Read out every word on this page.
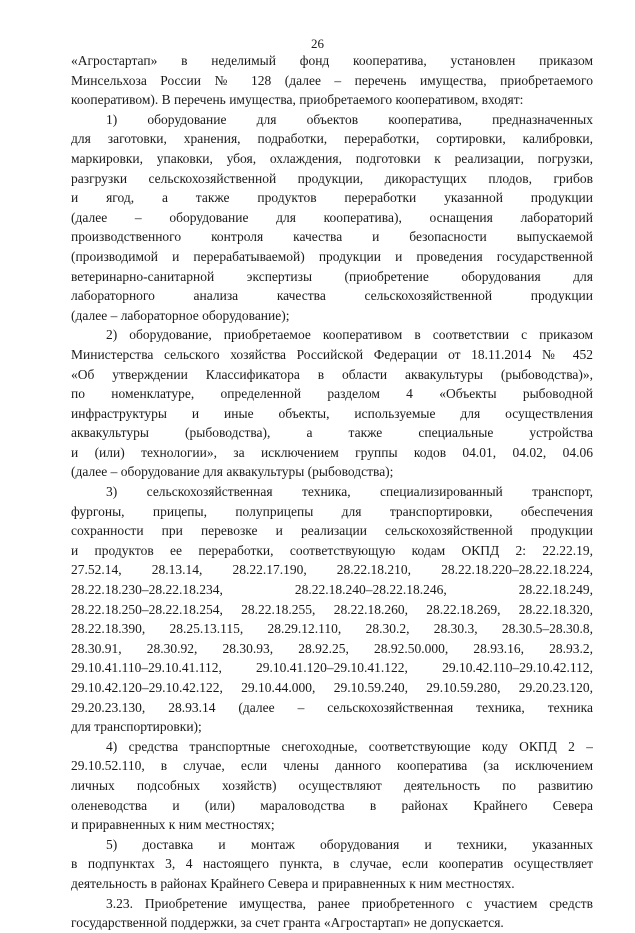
26
«Агростартап» в неделимый фонд кооператива, установлен приказом
Минсельхоза России № 128 (далее – перечень имущества, приобретаемого
кооперативом). В перечень имущества, приобретаемого кооперативом, входят:
1) оборудование для объектов кооператива, предназначенных
для заготовки, хранения, подработки, переработки, сортировки, калибровки,
маркировки, упаковки, убоя, охлаждения, подготовки к реализации, погрузки,
разгрузки сельскохозяйственной продукции, дикорастущих плодов, грибов
и ягод, а также продуктов переработки указанной продукции
(далее – оборудование для кооператива), оснащения лабораторий
производственного контроля качества и безопасности выпускаемой
(производимой и перерабатываемой) продукции и проведения государственной
ветеринарно-санитарной экспертизы (приобретение оборудования для
лабораторного анализа качества сельскохозяйственной продукции
(далее – лабораторное оборудование);
2) оборудование, приобретаемое кооперативом в соответствии с приказом
Министерства сельского хозяйства Российской Федерации от 18.11.2014 № 452
«Об утверждении Классификатора в области аквакультуры (рыбоводства)»,
по номенклатуре, определенной разделом 4 «Объекты рыбоводной
инфраструктуры и иные объекты, используемые для осуществления
аквакультуры (рыбоводства), а также специальные устройства
и (или) технологии», за исключением группы кодов 04.01, 04.02, 04.06
(далее – оборудование для аквакультуры (рыбоводства);
3) сельскохозяйственная техника, специализированный транспорт,
фургоны, прицепы, полуприцепы для транспортировки, обеспечения
сохранности при перевозке и реализации сельскохозяйственной продукции
и продуктов ее переработки, соответствующую кодам ОКПД 2: 22.22.19,
27.52.14, 28.13.14, 28.22.17.190, 28.22.18.210, 28.22.18.220–28.22.18.224,
28.22.18.230–28.22.18.234, 28.22.18.240–28.22.18.246, 28.22.18.249,
28.22.18.250–28.22.18.254, 28.22.18.255, 28.22.18.260, 28.22.18.269, 28.22.18.320,
28.22.18.390, 28.25.13.115, 28.29.12.110, 28.30.2, 28.30.3, 28.30.5–28.30.8,
28.30.91, 28.30.92, 28.30.93, 28.92.25, 28.92.50.000, 28.93.16, 28.93.2,
29.10.41.110–29.10.41.112, 29.10.41.120–29.10.41.122, 29.10.42.110–29.10.42.112,
29.10.42.120–29.10.42.122, 29.10.44.000, 29.10.59.240, 29.10.59.280, 29.20.23.120,
29.20.23.130, 28.93.14 (далее – сельскохозяйственная техника, техника
для транспортировки);
4) средства транспортные снегоходные, соответствующие коду ОКПД 2 –
29.10.52.110, в случае, если члены данного кооператива (за исключением
личных подсобных хозяйств) осуществляют деятельность по развитию
оленеводства и (или) мараловодства в районах Крайнего Севера
и приравненных к ним местностях;
5) доставка и монтаж оборудования и техники, указанных
в подпунктах 3, 4 настоящего пункта, в случае, если кооператив осуществляет
деятельность в районах Крайнего Севера и приравненных к ним местностях.
3.23. Приобретение имущества, ранее приобретенного с участием средств
государственной поддержки, за счет гранта «Агростартап» не допускается.
